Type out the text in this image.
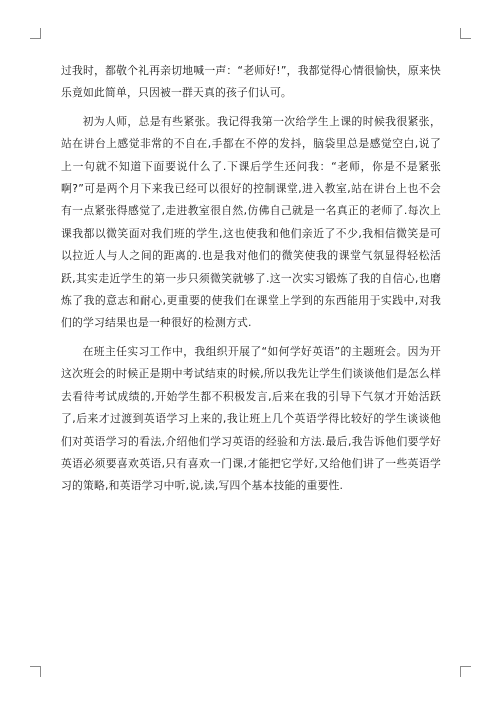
过我时，都敬个礼再亲切地喊一声：“老师好!”，我都觉得心情很愉快，原来快乐竟如此简单，只因被一群天真的孩子们认可。

初为人师，总是有些紧张。我记得我第一次给学生上课的时候我很紧张，站在讲台上感觉非常的不自在,手都在不停的发抖，脑袋里总是感觉空白,说了上一句就不知道下面要说什么了.下课后学生还问我：“老师，你是不是紧张啊?”可是两个月下来我已经可以很好的控制课堂,进入教室,站在讲台上也不会有一点紧张得感觉了,走进教室很自然,仿佛自己就是一名真正的老师了.每次上课我都以微笑面对我们班的学生,这也使我和他们亲近了不少,我相信微笑是可以拉近人与人之间的距离的.也是我对他们的微笑使我的课堂气氛显得轻松活跃,其实走近学生的第一步只须微笑就够了.这一次实习锻炼了我的自信心,也磨炼了我的意志和耐心,更重要的使我们在课堂上学到的东西能用于实践中,对我们的学习结果也是一种很好的检测方式.

在班主任实习工作中，我组织开展了“如何学好英语”的主题班会。因为开这次班会的时候正是期中考试结束的时候,所以我先让学生们谈谈他们是怎么样去看待考试成绩的,开始学生都不积极发言,后来在我的引导下气氛才开始活跃了,后来才过渡到英语学习上来的,我让班上几个英语学得比较好的学生谈谈他们对英语学习的看法,介绍他们学习英语的经验和方法.最后,我告诉他们要学好英语必须要喜欢英语,只有喜欢一门课,才能把它学好,又给他们讲了一些英语学习的策略,和英语学习中听,说,读,写四个基本技能的重要性.
